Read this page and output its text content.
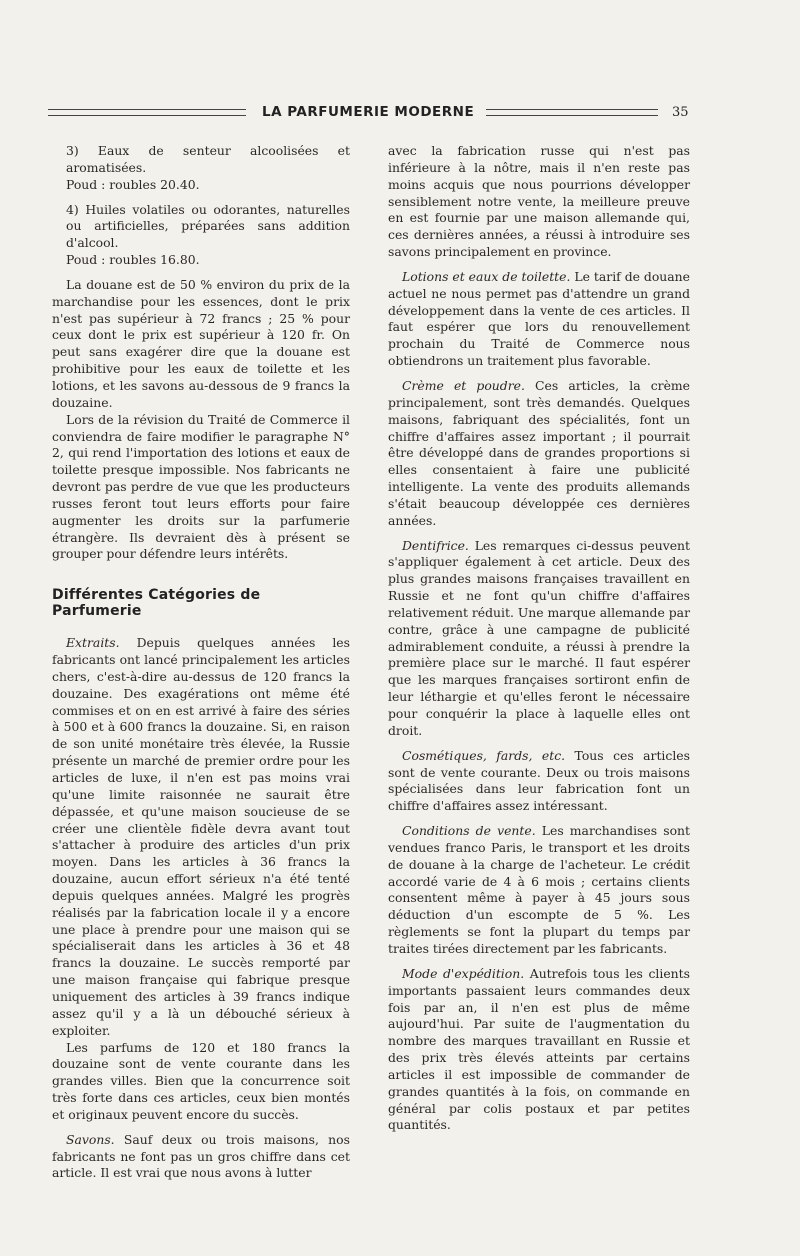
LA PARFUMERIE MODERNE	35

3) Eaux de senteur alcoolisées et aromatisées.

Poud : roubles 20.40.

4) Huiles volatiles ou odorantes, naturelles ou artificielles, préparées sans addition d'alcool.

Poud : roubles 16.80.

La douane est de 50 % environ du prix de la marchandise pour les essences, dont le prix n'est pas supérieur à 72 francs ; 25 % pour ceux dont le prix est supérieur à 120 fr. On peut sans exagérer dire que la douane est prohibitive pour les eaux de toilette et les lotions, et les savons au-dessous de 9 francs la douzaine.

Lors de la révision du Traité de Commerce il conviendra de faire modifier le paragraphe N° 2, qui rend l'importation des lotions et eaux de toilette presque impossible. Nos fabricants ne devront pas perdre de vue que les producteurs russes feront tout leurs efforts pour faire augmenter les droits sur la parfumerie étrangère. Ils devraient dès à présent se grouper pour défendre leurs intérêts.

Différentes Catégories de Parfumerie

Extraits. Depuis quelques années les fabricants ont lancé principalement les articles chers, c'est-à-dire au-dessus de 120 francs la douzaine. Des exagérations ont même été commises et on en est arrivé à faire des séries à 500 et à 600 francs la douzaine. Si, en raison de son unité monétaire très élevée, la Russie présente un marché de premier ordre pour les articles de luxe, il n'en est pas moins vrai qu'une limite raisonnée ne saurait être dépassée, et qu'une maison soucieuse de se créer une clientèle fidèle devra avant tout s'attacher à produire des articles d'un prix moyen. Dans les articles à 36 francs la douzaine, aucun effort sérieux n'a été tenté depuis quelques années. Malgré les progrès réalisés par la fabrication locale il y a encore une place à prendre pour une maison qui se spécialiserait dans les articles à 36 et 48 francs la douzaine. Le succès remporté par une maison française qui fabrique presque uniquement des articles à 39 francs indique assez qu'il y a là un débouché sérieux à exploiter.

Les parfums de 120 et 180 francs la douzaine sont de vente courante dans les grandes villes. Bien que la concurrence soit très forte dans ces articles, ceux bien montés et originaux peuvent encore du succès.

Savons. Sauf deux ou trois maisons, nos fabricants ne font pas un gros chiffre dans cet article. Il est vrai que nous avons à lutter

avec la fabrication russe qui n'est pas inférieure à la nôtre, mais il n'en reste pas moins acquis que nous pourrions développer sensiblement notre vente, la meilleure preuve en est fournie par une maison allemande qui, ces dernières années, a réussi à introduire ses savons principalement en province.

Lotions et eaux de toilette. Le tarif de douane actuel ne nous permet pas d'attendre un grand développement dans la vente de ces articles. Il faut espérer que lors du renouvellement prochain du Traité de Commerce nous obtiendrons un traitement plus favorable.

Crème et poudre. Ces articles, la crème principalement, sont très demandés. Quelques maisons, fabriquant des spécialités, font un chiffre d'affaires assez important ; il pourrait être développé dans de grandes proportions si elles consentaient à faire une publicité intelligente. La vente des produits allemands s'était beaucoup développée ces dernières années.

Dentifrice. Les remarques ci-dessus peuvent s'appliquer également à cet article. Deux des plus grandes maisons françaises travaillent en Russie et ne font qu'un chiffre d'affaires relativement réduit. Une marque allemande par contre, grâce à une campagne de publicité admirablement conduite, a réussi à prendre la première place sur le marché. Il faut espérer que les marques françaises sortiront enfin de leur léthargie et qu'elles feront le nécessaire pour conquérir la place à laquelle elles ont droit.

Cosmétiques, fards, etc. Tous ces articles sont de vente courante. Deux ou trois maisons spécialisées dans leur fabrication font un chiffre d'affaires assez intéressant.

Conditions de vente. Les marchandises sont vendues franco Paris, le transport et les droits de douane à la charge de l'acheteur. Le crédit accordé varie de 4 à 6 mois ; certains clients consentent même à payer à 45 jours sous déduction d'un escompte de 5 %. Les règlements se font la plupart du temps par traites tirées directement par les fabricants.

Mode d'expédition. Autrefois tous les clients importants passaient leurs commandes deux fois par an, il n'en est plus de même aujourd'hui. Par suite de l'augmentation du nombre des marques travaillant en Russie et des prix très élevés atteints par certains articles il est impossible de commander de grandes quantités à la fois, on commande en général par colis postaux et par petites quantités.
